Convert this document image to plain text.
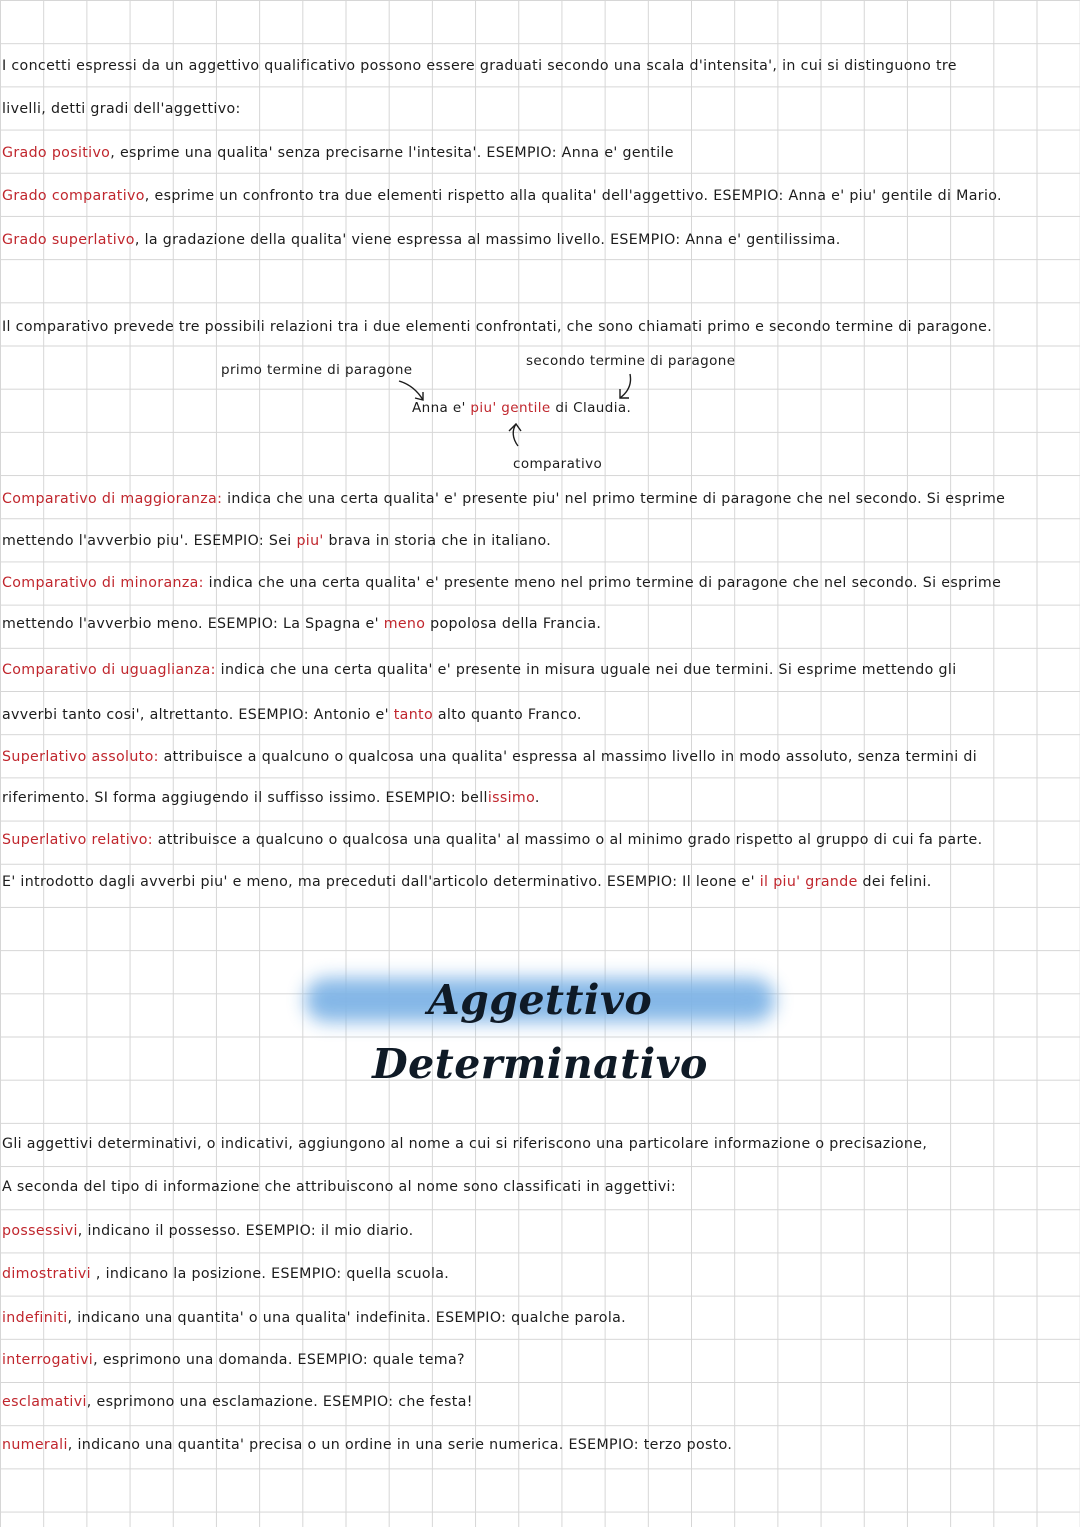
I concetti espressi da un aggettivo qualificativo possono essere graduati secondo una scala d'intensita', in cui si distinguono tre
livelli, detti gradi dell'aggettivo:
Grado positivo, esprime una qualita' senza precisarne l'intesita'. ESEMPIO: Anna e' gentile
Grado comparativo, esprime un confronto tra due elementi rispetto alla qualita' dell'aggettivo. ESEMPIO: Anna e' piu' gentile di Mario.
Grado superlativo, la gradazione della qualita' viene espressa al massimo livello. ESEMPIO: Anna e' gentilissima.
Il comparativo prevede tre possibili relazioni tra i due elementi confrontati, che sono chiamati primo e secondo termine di paragone.
primo termine di paragone
secondo termine di paragone
Anna e' piu' gentile di Claudia.
comparativo
Comparativo di maggioranza: indica che una certa qualita' e' presente piu' nel primo termine di paragone che nel secondo. Si esprime
mettendo l'avverbio piu'. ESEMPIO: Sei piu' brava in storia che in italiano.
Comparativo di minoranza: indica che una certa qualita' e' presente meno nel primo termine di paragone che nel secondo. Si esprime
mettendo l'avverbio meno. ESEMPIO: La Spagna e' meno popolosa della Francia.
Comparativo di uguaglianza: indica che una certa qualita' e' presente in misura uguale nei due termini. Si esprime mettendo gli
avverbi tanto cosi', altrettanto. ESEMPIO: Antonio e' tanto alto quanto Franco.
Superlativo assoluto: attribuisce a qualcuno o qualcosa una qualita' espressa al massimo livello in modo assoluto, senza termini di
riferimento. SI forma aggiugendo il suffisso issimo. ESEMPIO: bellissimo.
Superlativo relativo: attribuisce a qualcuno o qualcosa una qualita' al massimo o al minimo grado rispetto al gruppo di cui fa parte.
E' introdotto dagli avverbi piu' e meno, ma preceduti dall'articolo determinativo. ESEMPIO: Il leone e' il piu' grande dei felini.
Aggettivo Determinativo
Gli aggettivi determinativi, o indicativi, aggiungono al nome a cui si riferiscono una particolare informazione o precisazione,
A seconda del tipo di informazione che attribuiscono al nome sono classificati in aggettivi:
possessivi, indicano il possesso. ESEMPIO: il mio diario.
dimostrativi , indicano la posizione. ESEMPIO: quella scuola.
indefiniti, indicano una quantita' o una qualita' indefinita. ESEMPIO: qualche parola.
interrogativi, esprimono una domanda. ESEMPIO: quale tema?
esclamativi, esprimono una esclamazione. ESEMPIO: che festa!
numerali, indicano una quantita' precisa o un ordine in una serie numerica. ESEMPIO: terzo posto.
